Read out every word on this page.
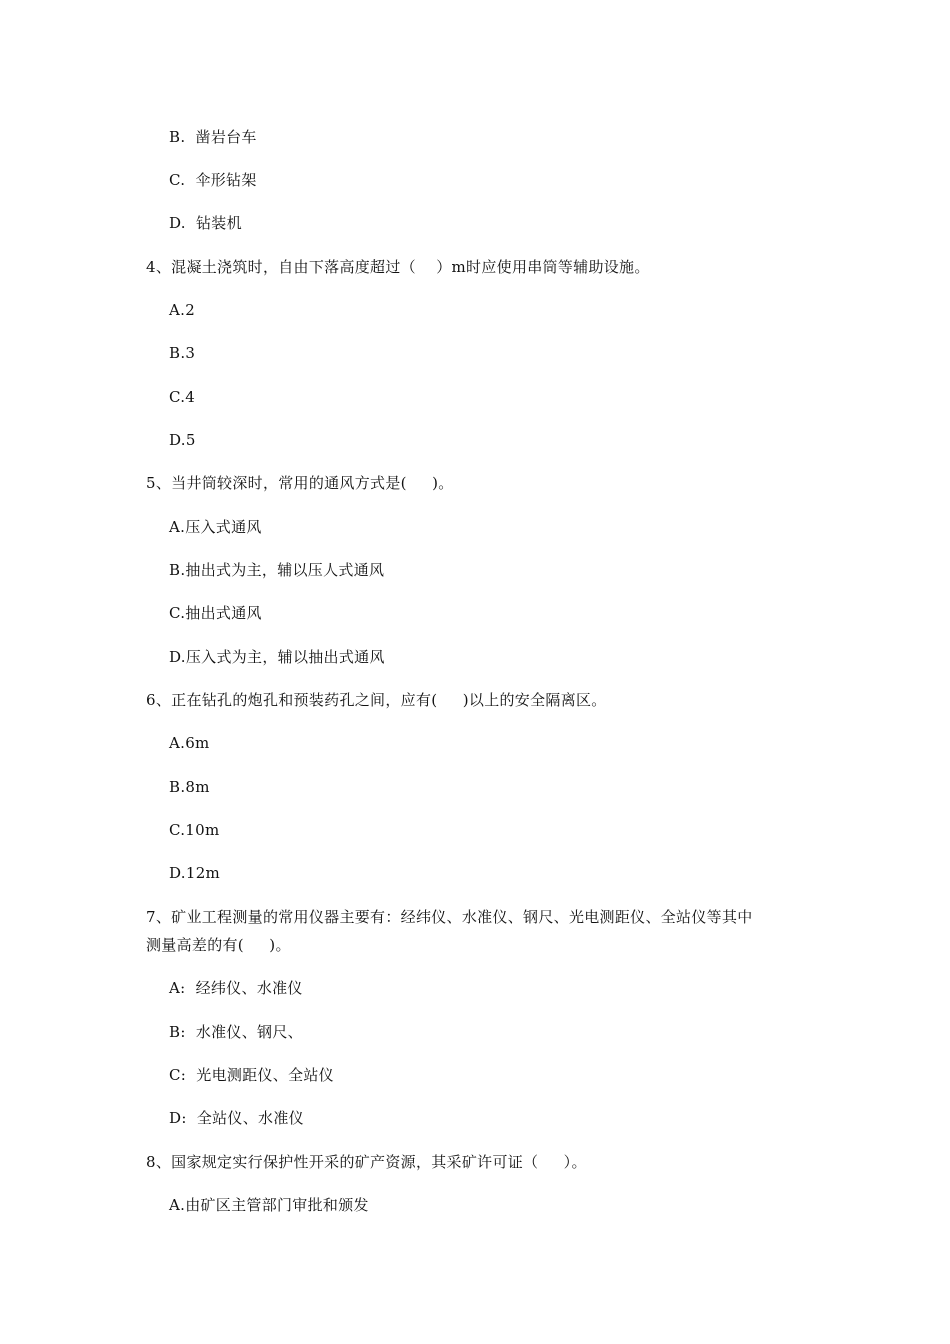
B.  凿岩台车
C.  伞形钻架
D.  钻装机
4、混凝土浇筑时，自由下落高度超过（    ）m时应使用串筒等辅助设施。
A.2
B.3
C.4
D.5
5、当井筒较深时，常用的通风方式是(     )。
A.压入式通风
B.抽出式为主，辅以压人式通风
C.抽出式通风
D.压入式为主，辅以抽出式通风
6、正在钻孔的炮孔和预装药孔之间，应有(     )以上的安全隔离区。
A.6m
B.8m
C.10m
D.12m
7、矿业工程测量的常用仪器主要有：经纬仪、水准仪、钢尺、光电测距仪、全站仪等其中
测量高差的有(     )。
A:  经纬仪、水准仪
B:  水准仪、钢尺、
C:  光电测距仪、全站仪
D:  全站仪、水准仪
8、国家规定实行保护性开采的矿产资源，其采矿许可证（     ）。
A.由矿区主管部门审批和颁发
